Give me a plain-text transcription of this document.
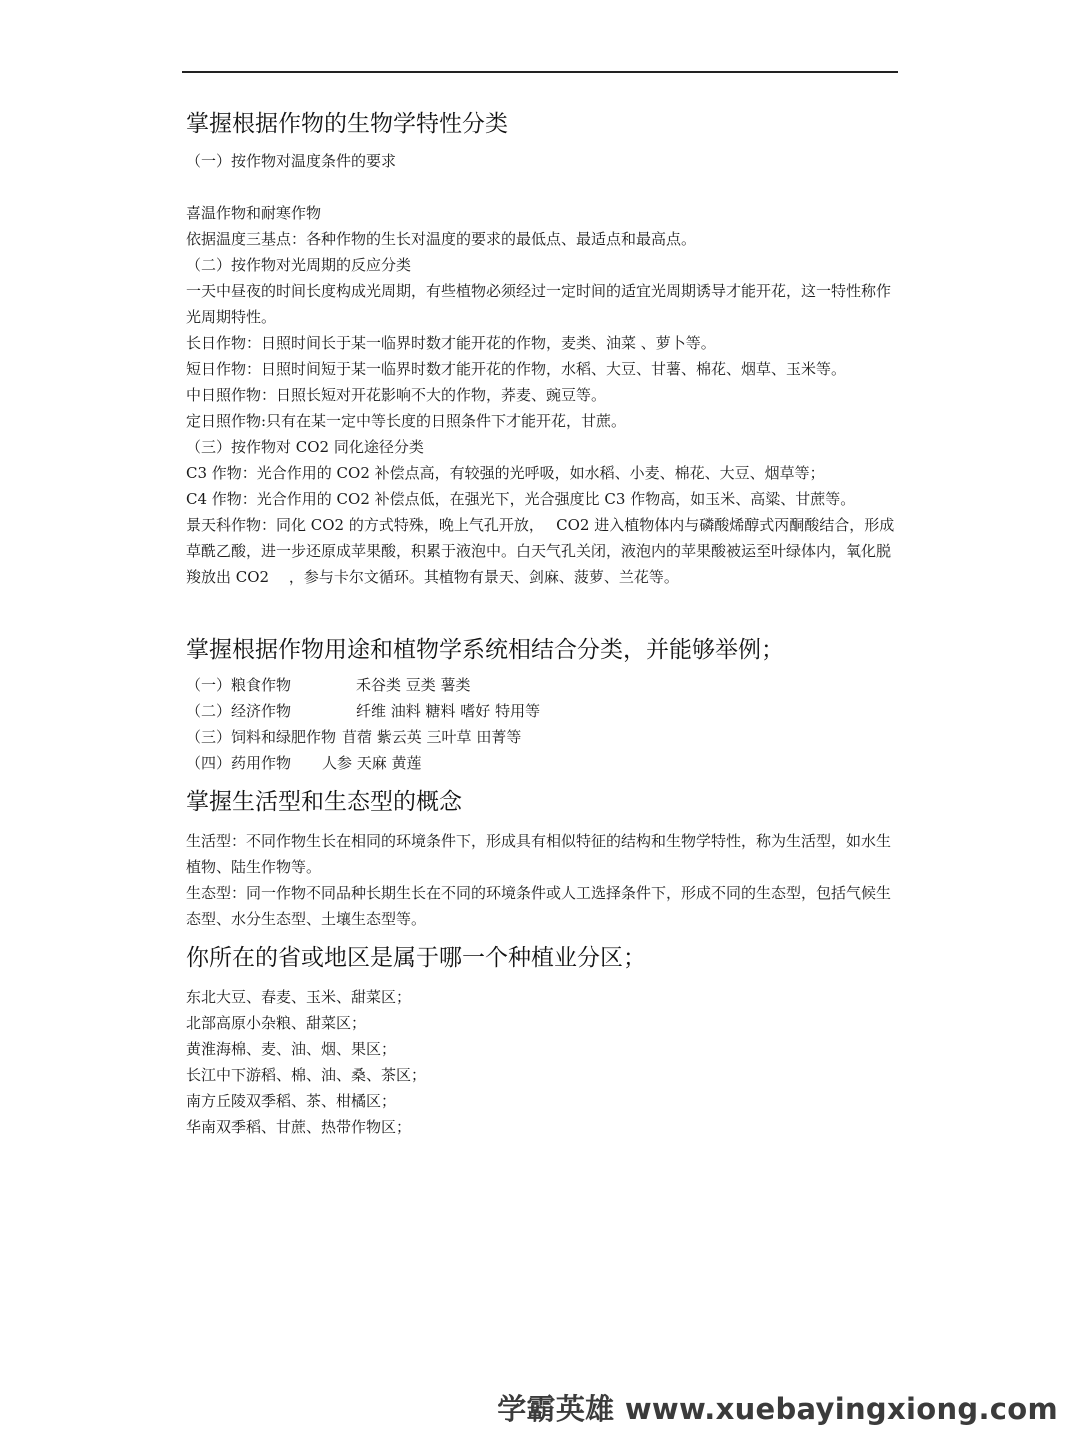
掌握根据作物的生物学特性分类

（一）按作物对温度条件的要求

喜温作物和耐寒作物

依据温度三基点：各种作物的生长对温度的要求的最低点、最适点和最高点。

（二）按作物对光周期的反应分类

一天中昼夜的时间长度构成光周期，有些植物必须经过一定时间的适宜光周期诱导才能开花，这一特性称作光周期特性。

长日作物：日照时间长于某一临界时数才能开花的作物，麦类、油菜 、萝卜等。

短日作物：日照时间短于某一临界时数才能开花的作物，水稻、大豆、甘薯、棉花、烟草、玉米等。

中日照作物：日照长短对开花影响不大的作物，荞麦、豌豆等。

定日照作物:只有在某一定中等长度的日照条件下才能开花，甘蔗。

（三）按作物对 CO2 同化途径分类

C3 作物：光合作用的 CO2 补偿点高，有较强的光呼吸，如水稻、小麦、棉花、大豆、烟草等；

C4 作物：光合作用的 CO2 补偿点低，在强光下，光合强度比 C3 作物高，如玉米、高粱、甘蔗等。

景天科作物：同化 CO2 的方式特殊，晚上气孔开放，　 CO2 进入植物体内与磷酸烯醇式丙酮酸结合，形成草酰乙酸，进一步还原成苹果酸，积累于液泡中。白天气孔关闭，液泡内的苹果酸被运至叶绿体内，氧化脱羧放出 CO2　 ，参与卡尔文循环。其植物有景天、剑麻、菠萝、兰花等。

掌握根据作物用途和植物学系统相结合分类，并能够举例；
（一）粮食作物	禾谷类 豆类 薯类
（二）经济作物	纤维 油料 糖料 嗜好 特用等
（三）饲料和绿肥作物 苜蓿 紫云英 三叶草 田菁等
（四）药用作物	人参 天麻 黄莲
掌握生活型和生态型的概念

生活型：不同作物生长在相同的环境条件下，形成具有相似特征的结构和生物学特性，称为生活型，如水生植物、陆生作物等。

生态型：同一作物不同品种长期生长在不同的环境条件或人工选择条件下，形成不同的生态型，包括气候生态型、水分生态型、土壤生态型等。

你所在的省或地区是属于哪一个种植业分区；

东北大豆、春麦、玉米、甜菜区；

北部高原小杂粮、甜菜区；

黄淮海棉、麦、油、烟、果区；

长江中下游稻、棉、油、桑、茶区；

南方丘陵双季稻、茶、柑橘区；

华南双季稻、甘蔗、热带作物区；

学霸英雄 www.xuebayingxiong.com
